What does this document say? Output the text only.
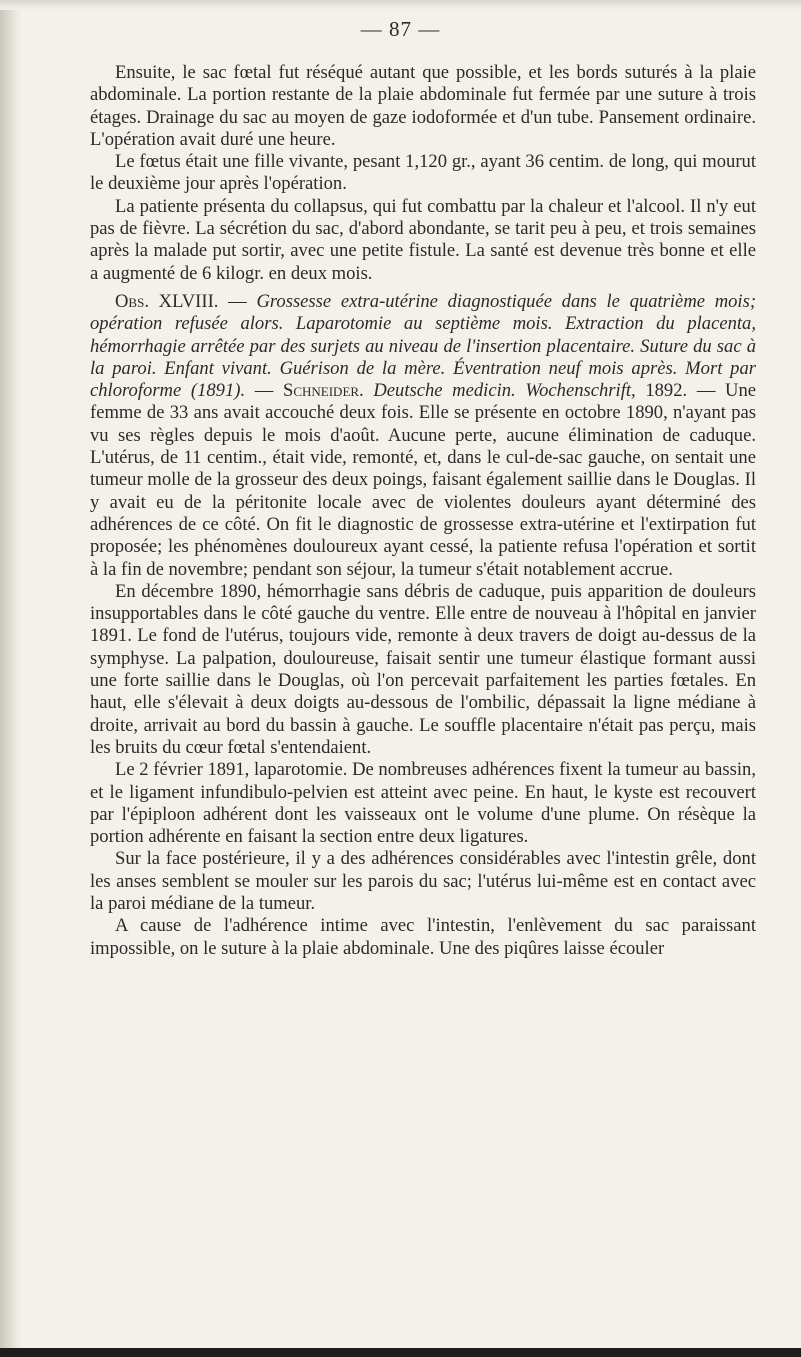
— 87 —

Ensuite, le sac fœtal fut réséqué autant que possible, et les bords suturés à la plaie abdominale. La portion restante de la plaie abdominale fut fermée par une suture à trois étages. Drainage du sac au moyen de gaze iodoformée et d'un tube. Pansement ordinaire. L'opération avait duré une heure.

Le fœtus était une fille vivante, pesant 1,120 gr., ayant 36 centim. de long, qui mourut le deuxième jour après l'opération.

La patiente présenta du collapsus, qui fut combattu par la chaleur et l'alcool. Il n'y eut pas de fièvre. La sécrétion du sac, d'abord abondante, se tarit peu à peu, et trois semaines après la malade put sortir, avec une petite fistule. La santé est devenue très bonne et elle a augmenté de 6 kilogr. en deux mois.

Obs. XLVIII. — Grossesse extra-utérine diagnostiquée dans le quatrième mois; opération refusée alors. Laparotomie au septième mois. Extraction du placenta, hémorrhagie arrêtée par des surjets au niveau de l'insertion placentaire. Suture du sac à la paroi. Enfant vivant. Guérison de la mère. Éventration neuf mois après. Mort par chloroforme (1891). — Schneider. Deutsche medicin. Wochenschrift, 1892. — Une femme de 33 ans avait accouché deux fois. Elle se présente en octobre 1890, n'ayant pas vu ses règles depuis le mois d'août. Aucune perte, aucune élimination de caduque. L'utérus, de 11 centim., était vide, remonté, et, dans le cul-de-sac gauche, on sentait une tumeur molle de la grosseur des deux poings, faisant également saillie dans le Douglas. Il y avait eu de la péritonite locale avec de violentes douleurs ayant déterminé des adhérences de ce côté. On fit le diagnostic de grossesse extra-utérine et l'extirpation fut proposée; les phénomènes douloureux ayant cessé, la patiente refusa l'opération et sortit à la fin de novembre; pendant son séjour, la tumeur s'était notablement accrue.

En décembre 1890, hémorrhagie sans débris de caduque, puis apparition de douleurs insupportables dans le côté gauche du ventre. Elle entre de nouveau à l'hôpital en janvier 1891. Le fond de l'utérus, toujours vide, remonte à deux travers de doigt au-dessus de la symphyse. La palpation, douloureuse, faisait sentir une tumeur élastique formant aussi une forte saillie dans le Douglas, où l'on percevait parfaitement les parties fœtales. En haut, elle s'élevait à deux doigts au-dessous de l'ombilic, dépassait la ligne médiane à droite, arrivait au bord du bassin à gauche. Le souffle placentaire n'était pas perçu, mais les bruits du cœur fœtal s'entendaient.

Le 2 février 1891, laparotomie. De nombreuses adhérences fixent la tumeur au bassin, et le ligament infundibulo-pelvien est atteint avec peine. En haut, le kyste est recouvert par l'épiploon adhérent dont les vaisseaux ont le volume d'une plume. On résèque la portion adhérente en faisant la section entre deux ligatures.

Sur la face postérieure, il y a des adhérences considérables avec l'intestin grêle, dont les anses semblent se mouler sur les parois du sac; l'utérus lui-même est en contact avec la paroi médiane de la tumeur.

A cause de l'adhérence intime avec l'intestin, l'enlèvement du sac paraissant impossible, on le suture à la plaie abdominale. Une des piqûres laisse écouler
